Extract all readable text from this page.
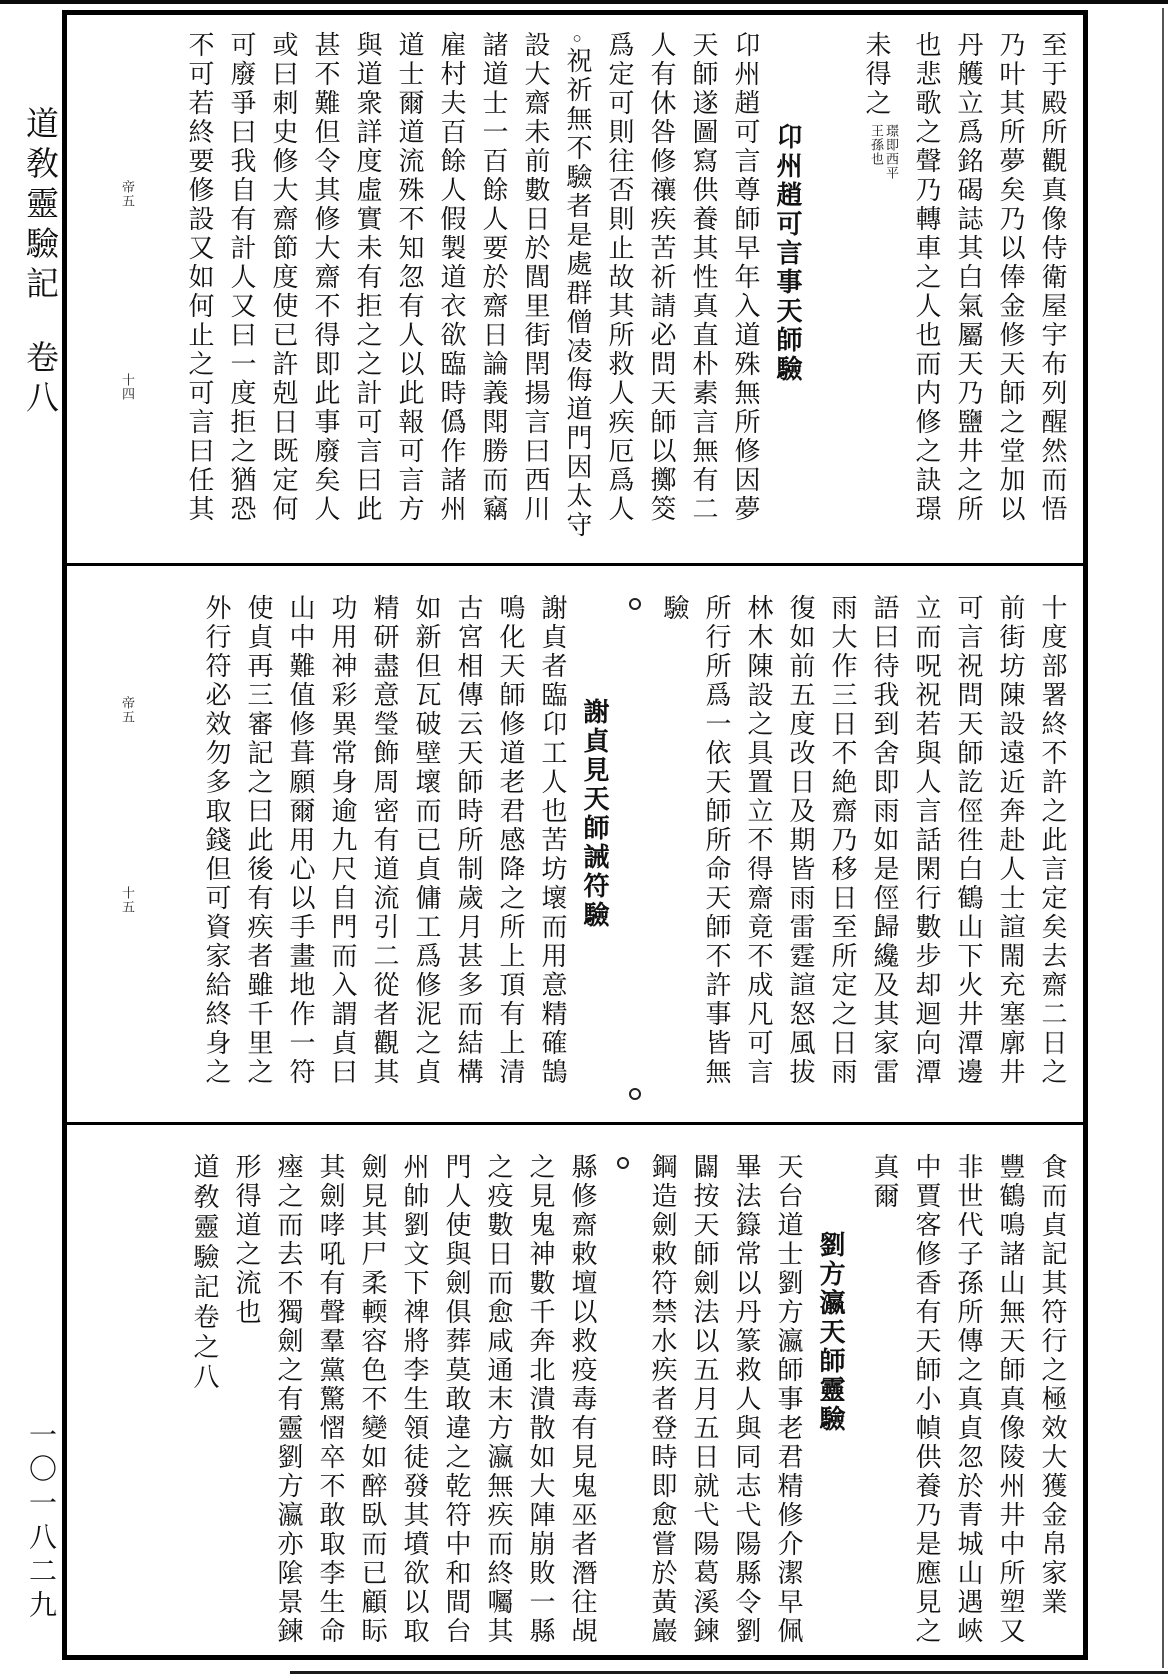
道敎靈驗記卷八
一〇一八二九
至于殿所觀真像侍衛屋宇布列醒然而悟
乃叶其所夢矣乃以俸金修天師之堂加以
丹艧立爲銘碣誌其白氣屬天乃鹽井之所
也悲歌之聲乃轉車之人也而内修之訣璟
未得之
璟即西平
王孫也
卬州趙可言事天師驗
卬州趙可言尊師早年入道殊無所修因夢
天師遂圖寫供養其性真直朴素言無有二
人有休咎修禳疾苦祈請必問天師以擲筊
爲定可則往否則止故其所救人疾厄爲人
○祝祈無不驗者是處群僧凌侮道門因太守
設大齋未前數日於閭里街閈揚言曰西川
諸道士一百餘人要於齋日論義閗勝而竊
雇村夫百餘人假製道衣欲臨時僞作諸州
道士爾道流殊不知忽有人以此報可言方
與道衆詳度虛實未有拒之之計可言曰此
甚不難但令其修大齋不得即此事廢矣人
或曰刺史修大齋節度使已許剋日既定何
可廢爭曰我自有計人又曰一度拒之猶恐
不可若終要修設又如何止之可言曰任其
帝五
十四
十度部署終不許之此言定矣去齋二日之
前街坊陳設遠近奔赴人士諠閙充塞廓井
可言祝問天師訖俓徃白鶴山下火井潭邊
立而呪祝若與人言話閑行數步却迴向潭
語曰待我到舍即雨如是俓歸纔及其家雷
雨大作三日不絶齋乃移日至所定之日雨
復如前五度改日及期皆雨雷霆諠怒風拔
林木陳設之具置立不得齋竟不成凡可言
所行所爲一依天師所命天師不許事皆無
驗
謝貞見天師誡符驗
謝貞者臨卬工人也苦坊壞而用意精確鵠
鳴化天師修道老君感降之所上頂有上清
古宮相傳云天師時所制歲月甚多而結構
如新但瓦破壁壞而已貞傭工爲修泥之貞
精研盡意瑩飾周密有道流引二從者觀其
功用神彩異常身逾九尺自門而入謂貞曰
山中難值修葺願爾用心以手畫地作一符
使貞再三審記之曰此後有疾者雖千里之
外行符必效勿多取錢但可資家給終身之
帝五
十五
食而貞記其符行之極效大獲金帛家業
豐鶴鳴諸山無天師真像陵州井中所塑又
非世代子孫所傳之真貞忽於青城山遇峽
中賈客修香有天師小幀供養乃是應見之
真爾
劉方瀛天師靈驗
天台道士劉方瀛師事老君精修介潔早佩
畢法籙常以丹篆救人與同志弋陽縣令劉
闢按天師劍法以五月五日就弋陽葛溪鍊
鋼造劍敕符禁水疾者登時即愈嘗於黃巖
縣修齋敕壇以救疫毒有見鬼巫者潛往覘
之見鬼神數千奔北潰散如大陣崩敗一縣
之疫數日而愈咸通末方瀛無疾而終囑其
門人使與劍俱葬莫敢違之乾符中和間台
州帥劉文下禆將李生領徒發其墳欲以取
劍見其尸柔輭容色不變如醉臥而已顧眎
其劍哮吼有聲羣黨驚慴卒不敢取李生命
瘞之而去不獨劍之有靈劉方瀛亦隂景鍊
形得道之流也
道敎靈驗記卷之八
